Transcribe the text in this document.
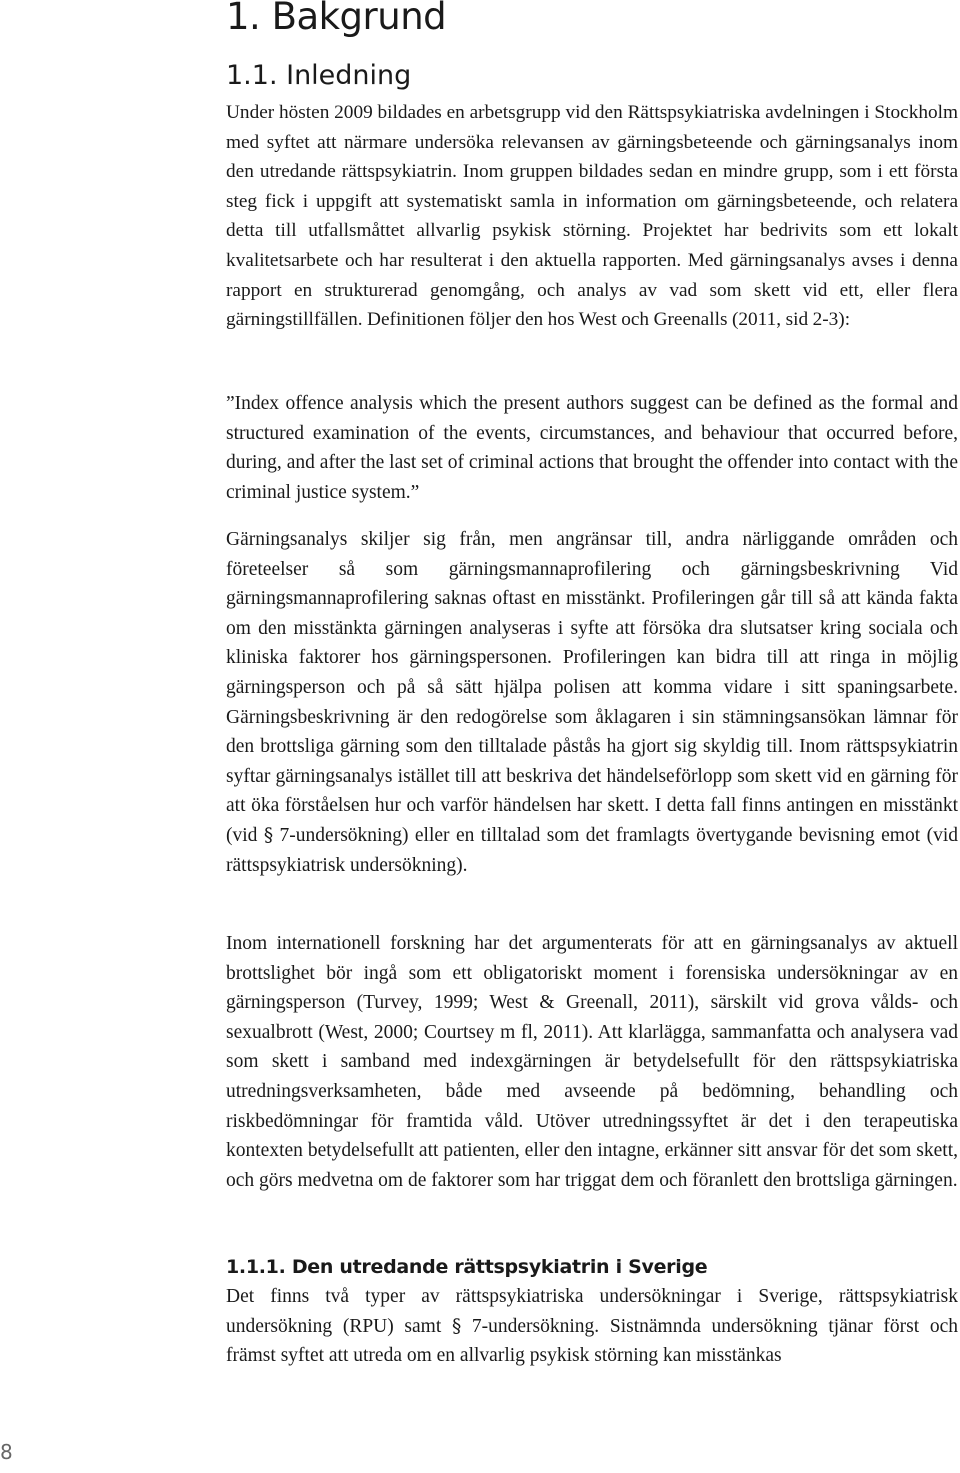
1. Bakgrund
1.1. Inledning

Under hösten 2009 bildades en arbetsgrupp vid den Rättspsykiatriska avdelningen i Stockholm med syftet att närmare undersöka relevansen av gärningsbeteende och gärningsanalys inom den utredande rättspsykiatrin. Inom gruppen bildades sedan en mindre grupp, som i ett första steg fick i uppgift att systematiskt samla in information om gärningsbeteende, och relatera detta till utfallsmåttet allvarlig psykisk störning. Projektet har bedrivits som ett lokalt kvalitetsarbete och har resulterat i den aktuella rapporten. Med gärningsanalys avses i denna rapport en strukturerad genomgång, och analys av vad som skett vid ett, eller flera gärningstillfällen. Definitionen följer den hos West och Greenalls (2011, sid 2-3):

”Index offence analysis which the present authors suggest can be defined as the formal and structured examination of the events, circumstances, and behaviour that occurred before, during, and after the last set of criminal actions that brought the offender into contact with the criminal justice system.”

Gärningsanalys skiljer sig från, men angränsar till, andra närliggande områden och företeelser så som gärningsmannaprofilering och gärningsbeskrivning Vid gärningsmannaprofilering saknas oftast en misstänkt. Profileringen går till så att kända fakta om den misstänkta gärningen analyseras i syfte att försöka dra slutsatser kring sociala och kliniska faktorer hos gärningspersonen. Profileringen kan bidra till att ringa in möjlig gärningsperson och på så sätt hjälpa polisen att komma vidare i sitt spaningsarbete. Gärningsbeskrivning är den redogörelse som åklagaren i sin stämningsansökan lämnar för den brottsliga gärning som den tilltalade påstås ha gjort sig skyldig till. Inom rättspsykiatrin syftar gärningsanalys istället till att beskriva det händelseförlopp som skett vid en gärning för att öka förståelsen hur och varför händelsen har skett. I detta fall finns antingen en misstänkt (vid § 7-undersökning) eller en tilltalad som det framlagts övertygande bevisning emot (vid rättspsykiatrisk undersökning).

Inom internationell forskning har det argumenterats för att en gärningsanalys av aktuell brottslighet bör ingå som ett obligatoriskt moment i forensiska undersökningar av en gärningsperson (Turvey, 1999; West & Greenall, 2011), särskilt vid grova vålds- och sexualbrott (West, 2000; Courtsey m fl, 2011). Att klarlägga, sammanfatta och analysera vad som skett i samband med indexgärningen är betydelsefullt för den rättspsykiatriska utredningsverksamheten, både med avseende på bedömning, behandling och riskbedömningar för framtida våld. Utöver utredningssyftet är det i den terapeutiska kontexten betydelsefullt att patienten, eller den intagne, erkänner sitt ansvar för det som skett, och görs medvetna om de faktorer som har triggat dem och föranlett den brottsliga gärningen.

1.1.1. Den utredande rättspsykiatrin i Sverige

Det finns två typer av rättspsykiatriska undersökningar i Sverige, rättspsykiatrisk undersökning (RPU) samt § 7-undersökning. Sistnämnda undersökning tjänar först och främst syftet att utreda om en allvarlig psykisk störning kan misstänkas

8
